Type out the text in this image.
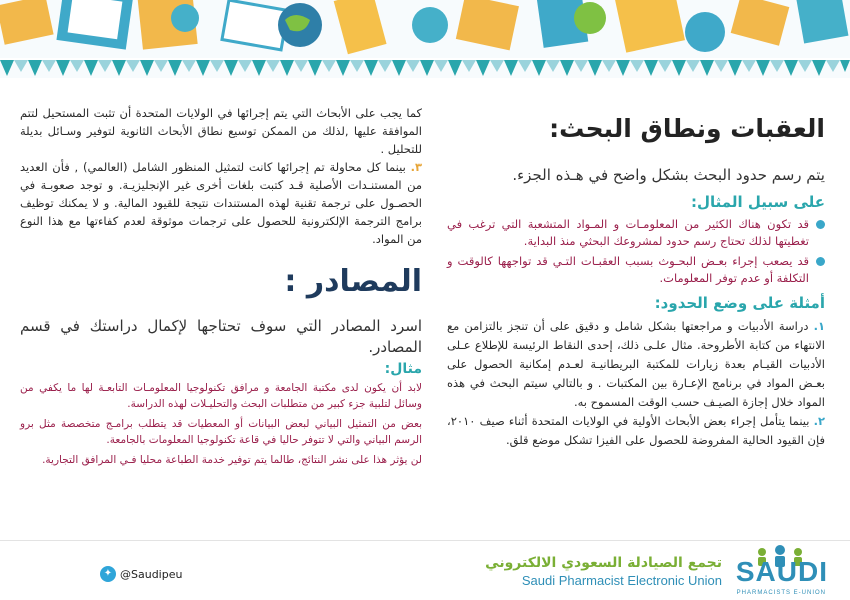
العقبات ونطاق البحث:

يتم رسم حدود البحث بشكل واضح في هـذه الجزء.

على سبيل المثال:
قد تكون هناك الكثير من المعلومـات و المـواد المتشعبة التي ترغب في تغطيتها لذلك تحتاج رسم حدود لمشروعك البحثي منذ البداية.
قد يصعب إجراء بعـض البحـوث بسبب العقبـات التـي قد تواجهها كالوقت و التكلفة أو عدم توفر المعلومات.
أمثلة على وضع الحدود:

١. دراسة الأدبيات و مراجعتها بشكل شامل و دقيق على أن تنجز بالتزامن مع الانتهاء من كتابة الأطروحة. مثال علـى ذلك، إحدى النقاط الرئيسة للإطلاع عـلى الأدبيات القيـام بعدة زيارات للمكتبة البريطانيـة لعـدم إمكانية الحصول على بعـض المواد في برنامج الإعـارة بين المكتبات . و بالتالي سيتم البحث في هذه المواد خلال إجازة الصيـف حسب الوقت المسموح به.

٢. بينما يتأمل إجراء بعض الأبحاث الأولية في الولايات المتحدة أثناء صيف ٢٠١٠، فإن القيود الحالية المفروضة للحصول على الفيزا تشكل موضع قلق.

كما يجب على الأبحاث التي يتم إجرائها في الولايات المتحدة أن تثبت المستحيل لتتم الموافقة عليها ,لذلك من الممكن توسيع نطاق الأبحاث الثانوية لتوفير وسـائل بديلة للتحليل .

٣. بينما كل محاولة تم إجرائها كانت لتمثيل المنظور الشامل (العالمي) , فأن العديد من المستنـدات الأصلية قـد كتبت بلغات أخرى غير الإنجليزيـة. و توجد صعوبـة في الحصـول على ترجمة تقنية لهذه المستندات نتيجة للقيود المالية. و لا يمكنك توظيف برامج الترجمة الإلكترونية للحصول على ترجمات موثوقة لعدم كفاءتها مع هذا النوع من المواد.

المصادر :

اسرد المصادر التي سوف تحتاجها لإكمال دراستك في قسم المصادر.

مثال:

لابد أن يكون لدى مكتبة الجامعة و مرافق تكنولوجيا المعلومـات التابعـة لها ما يكفي من وسائل لتلبية جزء كبير من متطلبات البحث والتحليـلات لهذه الدراسة.

بعض من التمثيل البياني لبعض البيانات أو المعطيات قد يتطلب برامـج متخصصة مثل برو الرسم البياني والتي لا تتوفر حاليا في قاعة تكنولوجيا المعلومات بالجامعة.

لن يؤثر هذا على نشر النتائج، طالما يتم توفير خدمة الطباعة محليا فـي المرافق التجارية.

✦ @Saudipeu
تجمع الصيادلة السعودي الالكتروني
Saudi Pharmacist Electronic Union SAUDI
PHARMACISTS E-UNION
